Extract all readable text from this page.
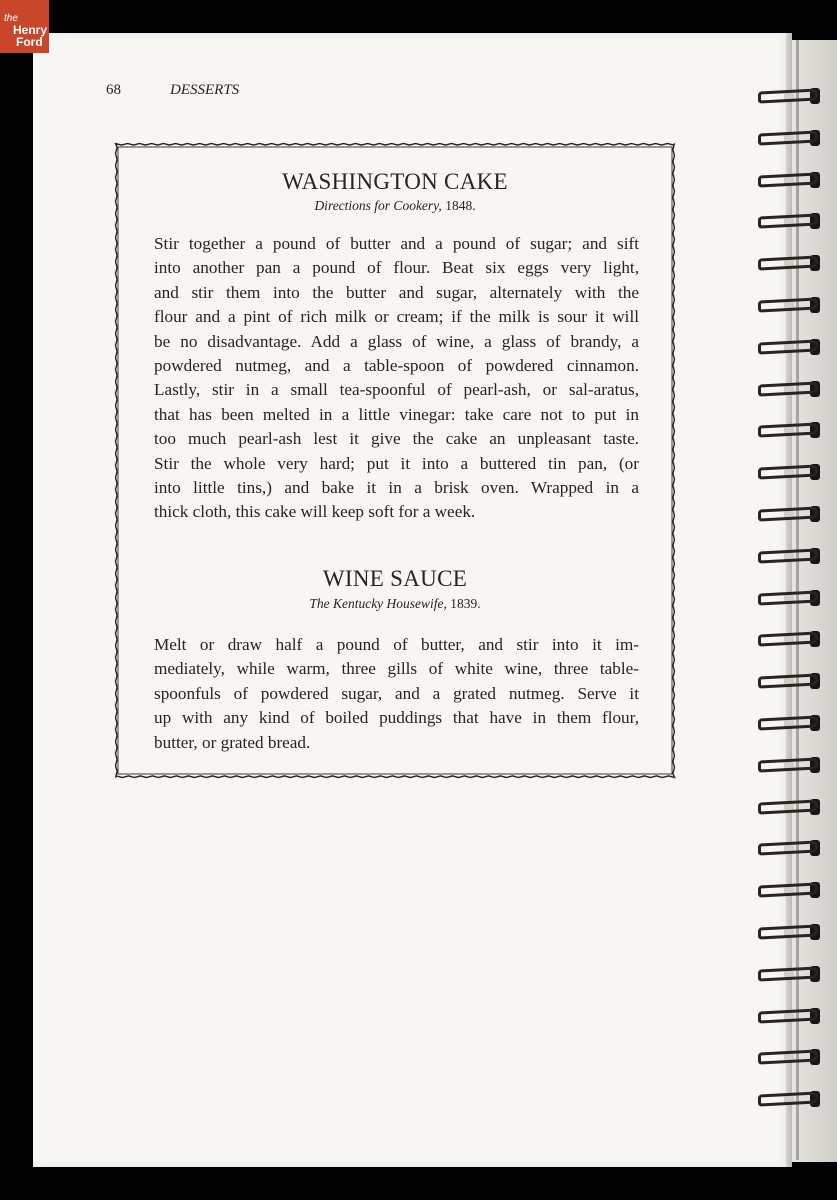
the
Henry
Ford
68	DESSERTS
WASHINGTON CAKE
Directions for Cookery, 1848.
Stir together a pound of butter and a pound of sugar; and sift
into another pan a pound of flour. Beat six eggs very light,
and stir them into the butter and sugar, alternately with the
flour and a pint of rich milk or cream; if the milk is sour it will
be no disadvantage. Add a glass of wine, a glass of brandy, a
powdered nutmeg, and a table-spoon of powdered cinnamon.
Lastly, stir in a small tea-spoonful of pearl-ash, or sal-aratus,
that has been melted in a little vinegar: take care not to put in
too much pearl-ash lest it give the cake an unpleasant taste.
Stir the whole very hard; put it into a buttered tin pan, (or
into little tins,) and bake it in a brisk oven. Wrapped in a
thick cloth, this cake will keep soft for a week.
WINE SAUCE
The Kentucky Housewife, 1839.
Melt or draw half a pound of butter, and stir into it im-
mediately, while warm, three gills of white wine, three table-
spoonfuls of powdered sugar, and a grated nutmeg. Serve it
up with any kind of boiled puddings that have in them flour,
butter, or grated bread.
